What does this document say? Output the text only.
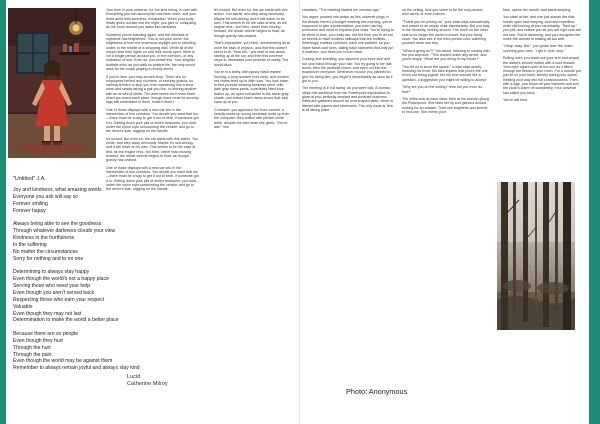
Anonymous

Your time in your universe, for the time being, is over with. Everything you can accomplish has been done, and your limbs ache with soreness, exhaustion. When your body finally gives out late into the night, you give in, collapsing as the room around you fades into darkness.

Suddenly you're standing again, and the dimness of nighttime has brightened. This is not your home; the brightness is from the enormous skylight you're standing under, in the middle of a shopping mall. While all of the shops have their lights on and their doors open, there is not a single person around you. In the corridors, or any indication of one. Even so, you sense this. Your singular footfalls echo as you walk so pristine tile, the only sound save for the music playing to empty stores.

If you're here, you may as well shop. There are no employees behind any counters, or security guards, so nothing is there to stop you from wandering into a shoe store and simply taking a pair you like, or leaving another with an armful of shirts. The alert sirens don't even blare when you leave each place, though there must be security tags still embedded in them, mustn't there?

One of those displays with a new car sits in the intersection of two corridors. You decide you want that too—there must be a way to get it out of here, if someone got it in. Getting down your pile of stolen treasures, you duck under the nylon rope surrounding the vehicle, and go to the driver's side, tugging on the handle.

It's locked. But even so, the car starts with this action. You recite, and step away nervously. Maybe it's self-driving, and it will leave on its own. This seems to be the case at first, as the engine revs...but then, rather than moving forward, the whole vehicle begins to float, as though gravity has ceased.

One of those displays with a new car sits in the intersection of two corridors. You decide you want that too—there must be a way to get it out of here. If someone got it in. Getting down your pile of stolen treasures, you duck under the nylon rope surrounding the vehicle, and go to the driver's side, tugging on the handle.

It's locked. But even so, the car starts with this action. You startle, and step away nervously. Maybe it's self-driving, and it will leave on its own. This seems to be the case at first, as the engine revs...but then, rather than moving forward, the whole vehicle begins to float, as though gravity has ceased.

That's impossible, you think, remembering all at once the laws of physics, and that this doesn't seem to fit. "How the-" you start to ask aloud, staring up at the car, and then this universe stops in, dismisses your protests of reality. The world blurs.

You're in a lobby, with glossy black marble flooring, a long wooden front desk, and modern red chairs lined up in little rows. You look down to find yourself wearing business attire, with dark gray dress pants, a perfectly fitted blue button up, an open suit jacket in the same gray shade, and shined black dress shoes that wink back up at you.

Confused, you approach the front counter. A heavily made-up young secretary looks up from the computer, then smiles with perfect white teeth, despite the bad news she gives. "You're late," she

chastises. "The meeting started ten minutes ago."

You argue, pushed into action as this universe plugs in the details: there's a budget meeting this morning, you're supposed to give a presentation, you even had big promotion and need to impress your boss. You're trying to be there in time, you really are, but the floor you're let out on seems to have endless hallways that are endless. Seemingly endless corridors, each one padded, so you make twists and turns, taking back stairwells that only put it nowhere, and force you to turn back.

Cursing and sweating, you squeeze your eyes shut and run your hand through your hair. You try going to the last doors, then the janitorial closet, and open out into the boardroom everyone. Whenever excuse you planned to give for being late, you forget it immediately as soon as it got to you.

The meeting is in full swing, as you were told. A woman stops mid-sentence from her Powerpoint explanation to glare at you, perfectly dressed and polished business elites are gathered around an oval-shaped table, which is littered with papers and briefcases. The only issue is, this is all taking place

on the ceiling. And you seem to be the only person who cares, or even notices.

"Thank you for joining us," your boss says sarcastically, and waves to an empty chair dismissively. But you stay in the doorway, looking around. The room on the other side is no longer the janitor's closet, but your living room. You also see in the third person now, watching yourself delve into fury.

"What is going on?!" You shout, refusing to comply with the plot anymore. "This doesn't make any sense, and you're angry. "What are you doing in my house?"

"You let us in since the space," a man says slowly, frowning his brow. His face implies that you're the one who's not being logical, but his tone sounds like a question, a suggestion you might be willing to accept.

"Why are you on the ceiling? How did you even do that?"

The elites look at each other, then at the woman giving the Powerpoint. She bites her lip and glances around, looking for an answer. Then she brightens and seems to find one. She meets your

face, opens her mouth, and starts beeping.

You stare at her, and she just stands like that, mouth open and beeping, loud and repetitive, while still looking at you expectantly. "Shut up," you yell, and realize you as you are right now are not real. You're dreaming, and you recognize the noise the woman is making all too well.

"Okay, okay, fine," you groan over the noise, covering your ears. "I get it. Just- stop."

Rolling over, you reach out your arm and smack the alarm's snooze button with a loud thwack. Your eyes squint open at the sun as it filters through the blinds in your room. For a minute you just lie on your back, silently staring into space, blinking your way into full consciousness. Then, with a sigh, you throw off your blankets and turn the clock's alarm off completely. Your universe has called you back.

You're still tired.

Lucid
Catherine Milroy
"Untitled" J.A.
Joy and kindness, what amazing words
Everyone you ask will say so
Forever smiling
Forever happy
Always being able to see the goodness
Through whatever darkness clouds your view
Kindness in the hurtfulness
In the suffering
No matter the circumstances
Sorry for nothing and to no one
Determining to always stay happy
Even though the world's not a happy place
Serving those who need your help
Even though you aren't served back
Respecting those who earn your respect
Valuable
Even though they may not last
Determination to make the world a better place
Because there are so people
Even though they hurt
Through the hurt
Through the pain
Even though the world may be against them
Remember to always remain joyful and always stay kind
Photo: Anonymous
